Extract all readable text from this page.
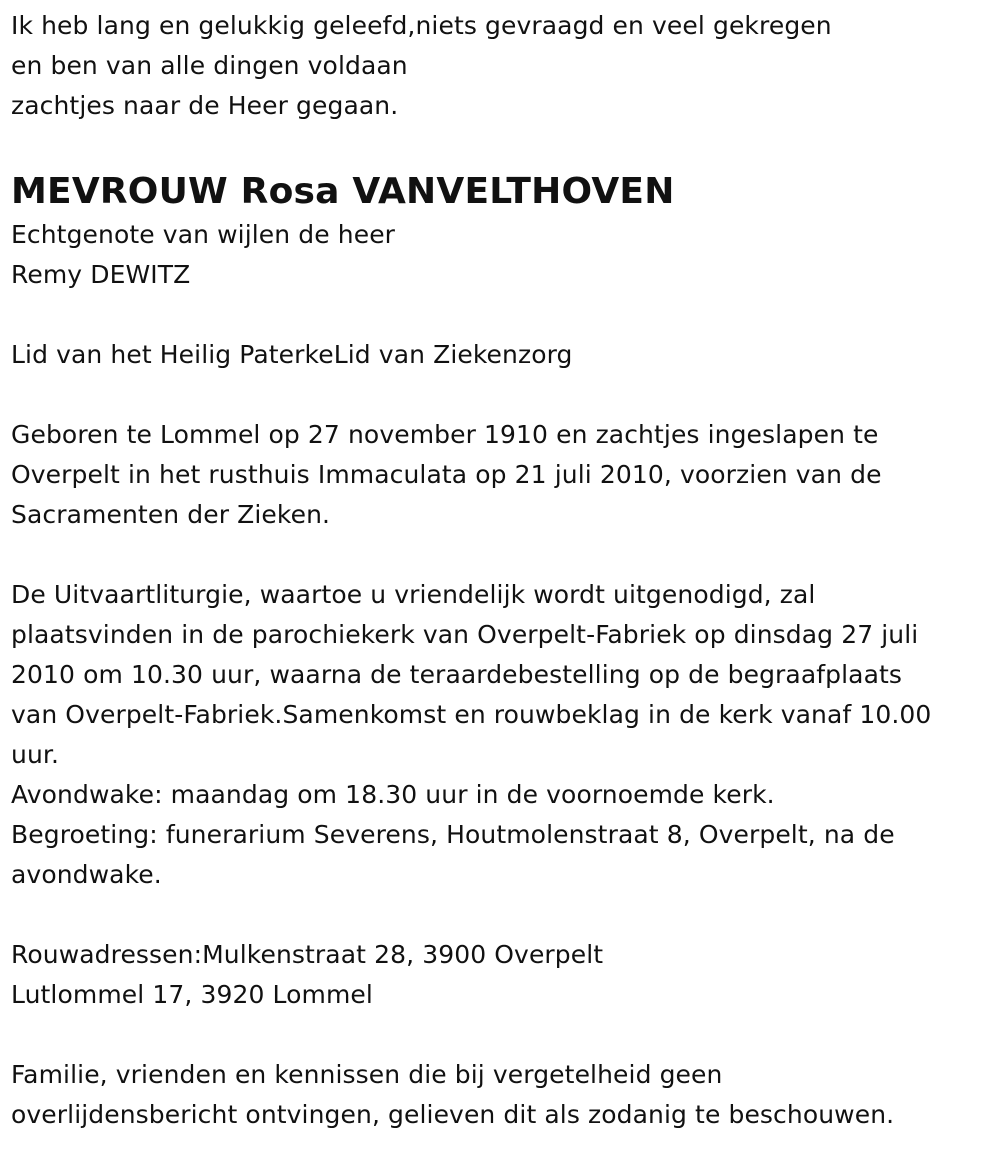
Ik heb lang en gelukkig geleefd,niets gevraagd en veel gekregen
en ben van alle dingen voldaan
zachtjes naar de Heer gegaan.
MEVROUW Rosa VANVELTHOVEN
Echtgenote van wijlen de heer
Remy DEWITZ
Lid van het Heilig PaterkeLid van Ziekenzorg
Geboren te Lommel op 27 november 1910 en zachtjes ingeslapen te
Overpelt in het rusthuis Immaculata op 21 juli 2010, voorzien van de
Sacramenten der Zieken.
De Uitvaartliturgie, waartoe u vriendelijk wordt uitgenodigd, zal
plaatsvinden in de parochiekerk van Overpelt-Fabriek op dinsdag 27 juli
2010 om 10.30 uur, waarna de teraardebestelling op de begraafplaats
van Overpelt-Fabriek.Samenkomst en rouwbeklag in de kerk vanaf 10.00
uur.
Avondwake: maandag om 18.30 uur in de voornoemde kerk.
Begroeting: funerarium Severens, Houtmolenstraat 8, Overpelt, na de
avondwake.
Rouwadressen:Mulkenstraat 28, 3900 Overpelt
Lutlommel 17, 3920 Lommel
Familie, vrienden en kennissen die bij vergetelheid geen
overlijdensbericht ontvingen, gelieven dit als zodanig te beschouwen.
